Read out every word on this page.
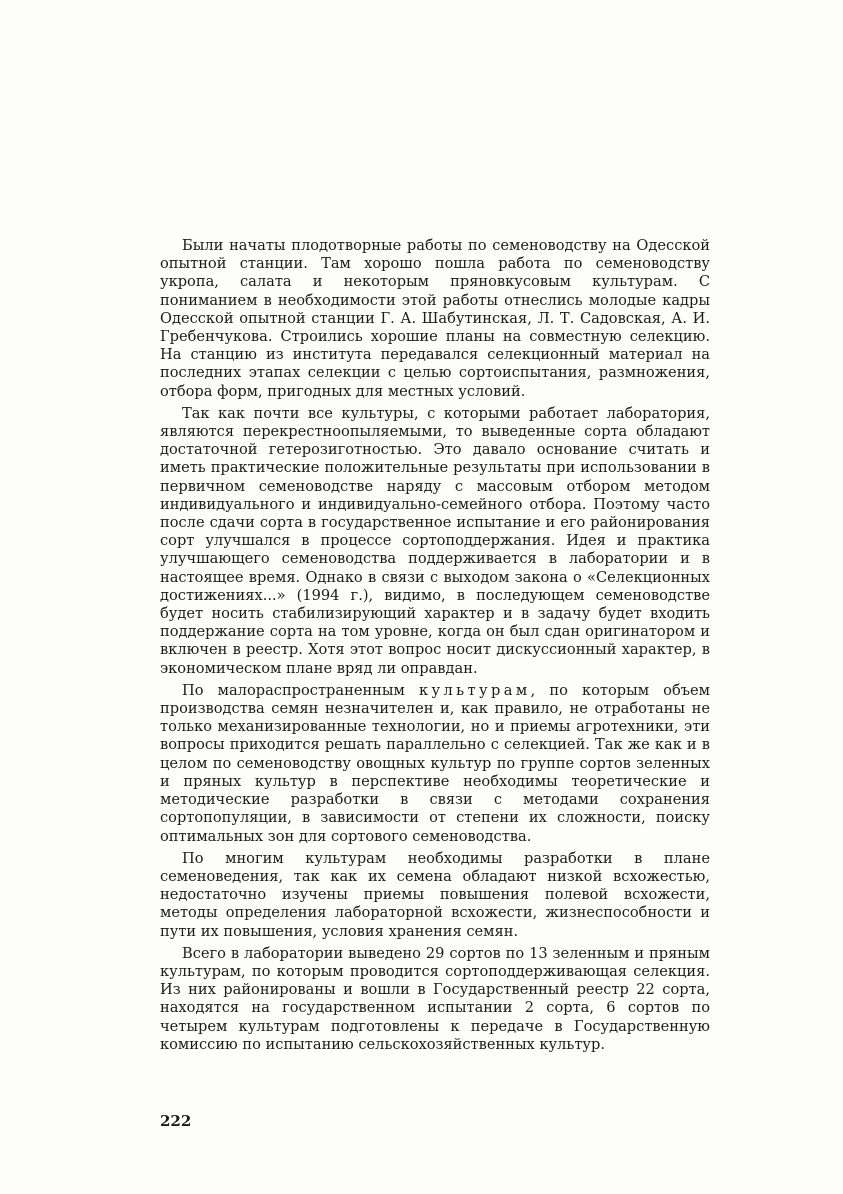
Были начаты плодотворные работы по семеноводству на Одесской опытной станции. Там хорошо пошла работа по семеноводству укропа, салата и некоторым пряновкусовым культурам. С пониманием в необходимости этой работы отнеслись молодые кадры Одесской опытной станции Г. А. Шабутинская, Л. Т. Садовская, А. И. Гребенчукова. Строились хорошие планы на совместную селекцию. На станцию из института передавался селекционный материал на последних этапах селекции с целью сортоиспытания, размножения, отбора форм, пригодных для местных условий.

Так как почти все культуры, с которыми работает лаборатория, являются перекрестноопыляемыми, то выведенные сорта обладают достаточной гетерозиготностью. Это давало основание считать и иметь практические положительные результаты при использовании в первичном семеноводстве наряду с массовым отбором методом индивидуального и индивидуально-семейного отбора. Поэтому часто после сдачи сорта в государственное испытание и его районирования сорт улучшался в процессе сортоподдержания. Идея и практика улучшающего семеноводства поддерживается в лаборатории и в настоящее время. Однако в связи с выходом закона о «Селекционных достижениях...» (1994 г.), видимо, в последующем семеноводстве будет носить стабилизирующий характер и в задачу будет входить поддержание сорта на том уровне, когда он был сдан оригинатором и включен в реестр. Хотя этот вопрос носит дискуссионный характер, в экономическом плане вряд ли оправдан.

По малораспространенным культурам, по которым объем производства семян незначителен и, как правило, не отработаны не только механизированные технологии, но и приемы агротехники, эти вопросы приходится решать параллельно с селекцией. Так же как и в целом по семеноводству овощных культур по группе сортов зеленных и пряных культур в перспективе необходимы теоретические и методические разработки в связи с методами сохранения сортопопуляции, в зависимости от степени их сложности, поиску оптимальных зон для сортового семеноводства.

По многим культурам необходимы разработки в плане семеноведения, так как их семена обладают низкой всхожестью, недостаточно изучены приемы повышения полевой всхожести, методы определения лабораторной всхожести, жизнеспособности и пути их повышения, условия хранения семян.

Всего в лаборатории выведено 29 сортов по 13 зеленным и пряным культурам, по которым проводится сортоподдерживающая селекция. Из них районированы и вошли в Государственный реестр 22 сорта, находятся на государственном испытании 2 сорта, 6 сортов по четырем культурам подготовлены к передаче в Государственную комиссию по испытанию сельскохозяйственных культур.

222
